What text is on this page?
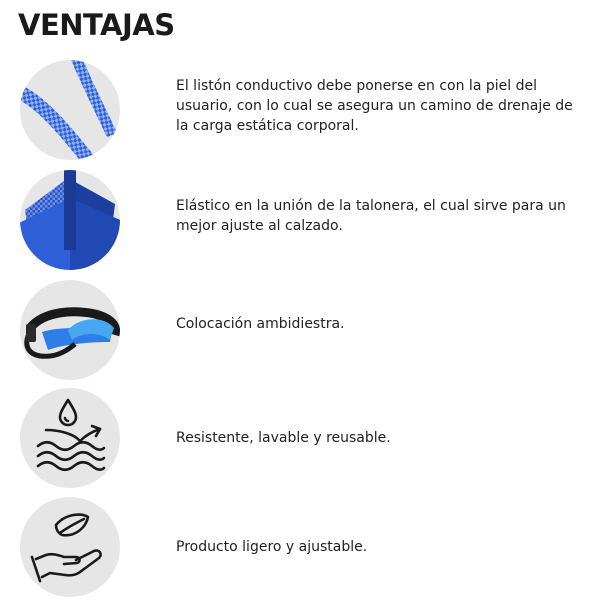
VENTAJAS

El listón conductivo debe ponerse en con la piel del usuario, con lo cual se asegura un camino de drenaje de la carga estática corporal.

Elástico en la unión de la talonera, el cual sirve para un mejor ajuste al calzado.

Colocación ambidiestra.

Resistente, lavable y reusable.

Producto ligero y ajustable.
